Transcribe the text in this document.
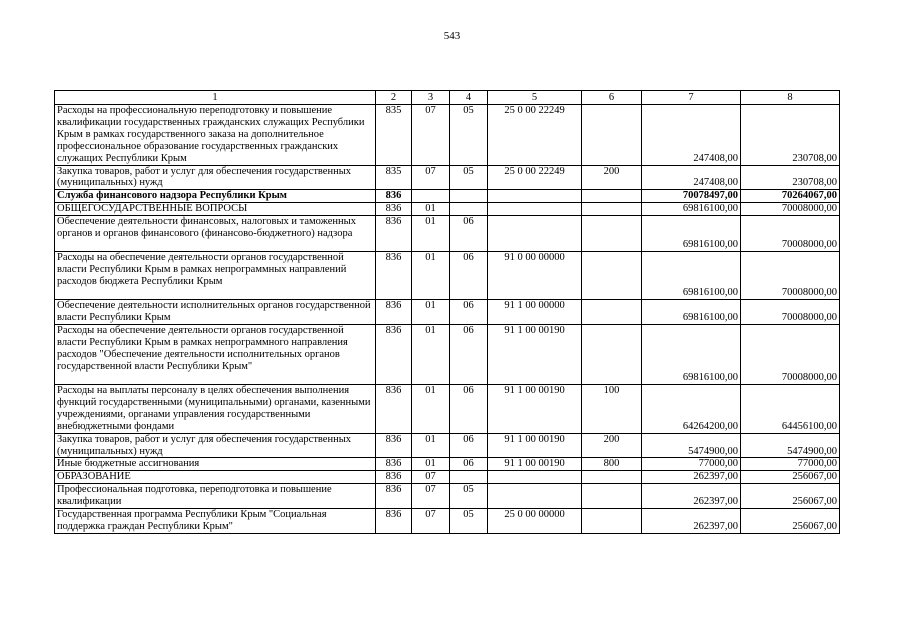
543
1	2	3	4	5	6	7	8
Расходы на профессиональную переподготовку и повышение квалификации государственных гражданских служащих Республики Крым в рамках государственного заказа на дополнительное профессиональное образование государственных гражданских служащих Республики Крым	835	07	05	25 0 00 22249		247408,00	230708,00
Закупка товаров, работ и услуг для обеспечения государственных (муниципальных) нужд	835	07	05	25 0 00 22249	200	247408,00	230708,00
Служба финансового надзора Республики Крым	836					70078497,00	70264067,00
ОБЩЕГОСУДАРСТВЕННЫЕ ВОПРОСЫ	836	01				69816100,00	70008000,00
Обеспечение деятельности финансовых, налоговых и таможенных органов и органов финансового (финансово-бюджетного) надзора	836	01	06			69816100,00	70008000,00
Расходы на обеспечение деятельности органов государственной власти Республики Крым в рамках непрограммных направлений расходов бюджета Республики Крым	836	01	06	91 0 00 00000		69816100,00	70008000,00
Обеспечение деятельности исполнительных органов государственной власти Республики Крым	836	01	06	91 1 00 00000		69816100,00	70008000,00
Расходы на обеспечение деятельности органов государственной власти Республики Крым в рамках непрограммного направления расходов "Обеспечение деятельности исполнительных органов государственной власти Республики Крым"	836	01	06	91 1 00 00190		69816100,00	70008000,00
Расходы на выплаты персоналу в целях обеспечения выполнения функций государственными (муниципальными) органами, казенными учреждениями, органами управления государственными внебюджетными фондами	836	01	06	91 1 00 00190	100	64264200,00	64456100,00
Закупка товаров, работ и услуг для обеспечения государственных (муниципальных) нужд	836	01	06	91 1 00 00190	200	5474900,00	5474900,00
Иные бюджетные ассигнования	836	01	06	91 1 00 00190	800	77000,00	77000,00
ОБРАЗОВАНИЕ	836	07				262397,00	256067,00
Профессиональная подготовка, переподготовка и повышение квалификации	836	07	05			262397,00	256067,00
Государственная программа Республики Крым "Социальная поддержка граждан Республики Крым"	836	07	05	25 0 00 00000		262397,00	256067,00
